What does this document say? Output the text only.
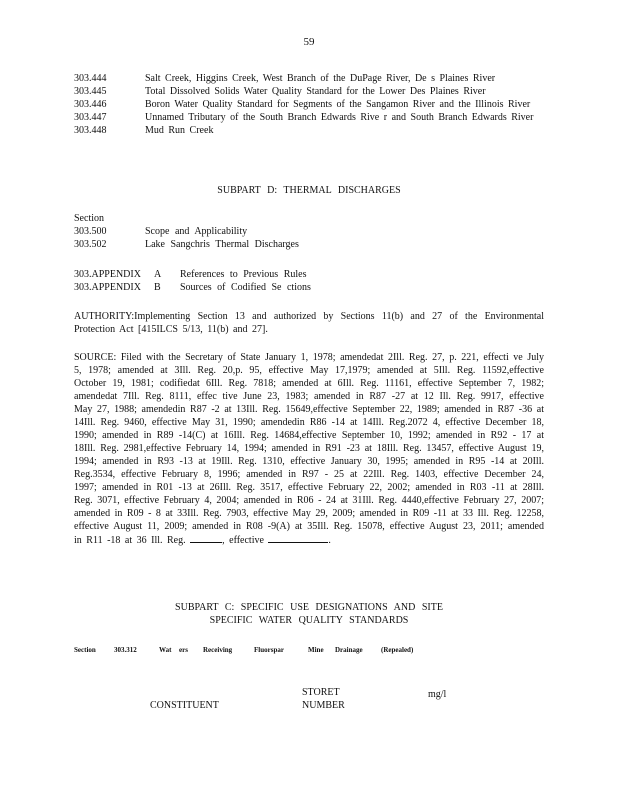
59
303.444	Salt Creek, Higgins Creek, West Branch of the DuPage River, De s Plaines River
303.445	Total Dissolved Solids Water Quality Standard for the Lower Des Plaines River
303.446	Boron Water Quality Standard for Segments of the Sangamon River and the Illinois River
303.447	Unnamed Tributary of the South Branch Edwards Rive r and South Branch Edwards River
303.448	Mud Run Creek
SUBPART D: THERMAL DISCHARGES
Section
303.500	Scope and Applicability
303.502	Lake Sangchris Thermal Discharges
303.APPENDIX	A	References to Previous Rules
303.APPENDIX	B	Sources of Codified Se ctions
AUTHORITY:Implementing Section 13 and authorized by Sections 11(b) and 27 of the Environmental Protection Act [415ILCS 5/13, 11(b) and 27].
SOURCE: Filed with the Secretary of State January 1, 1978; amendedat 2Ill. Reg. 27, p. 221, effecti ve July 5, 1978; amended at 3Ill. Reg. 20,p. 95, effective May 17,1979; amended at 5Ill. Reg. 11592,effective October 19, 1981; codifiedat 6Ill. Reg. 7818; amended at 6Ill. Reg. 11161, effective September 7, 1982; amendedat 7Ill. Reg. 8111, effec tive June 23, 1983; amended in R87 -27 at 12 Ill. Reg. 9917, effective May 27, 1988; amendedin R87 -2 at 13Ill. Reg. 15649,effective September 22, 1989; amended in R87 -36 at 14Ill. Reg. 9460, effective May 31, 1990; amendedin R86 -14 at 14Ill. Reg.2072 4, effective December 18, 1990; amended in R89 -14(C) at 16Ill. Reg. 14684,effective September 10, 1992; amended in R92 - 17 at 18Ill. Reg. 2981,effective February 14, 1994; amended in R91 -23 at 18Ill. Reg. 13457, effective August 19, 1994; amended in R93 -13 at 19Ill. Reg. 1310, effective January 30, 1995; amended in R95 -14 at 20Ill. Reg.3534, effective February 8, 1996; amended in R97 - 25 at 22Ill. Reg. 1403, effective December 24, 1997; amended in R01 -13 at 26Ill. Reg. 3517, effective February 22, 2002; amended in R03 -11 at 28Ill. Reg. 3071, effective February 4, 2004; amended in R06 - 24 at 31Ill. Reg. 4440,effective February 27, 2007; amended in R09 - 8 at 33Ill. Reg. 7903, effective May 29, 2009; amended in R09 -11 at 33 Ill. Reg. 12258, effective August 11, 2009; amended in R08 -9(A) at 35Ill. Reg. 15078, effective August 23, 2011; amended in R11 -18 at 36 Ill. Reg.	, effective	.
SUBPART C: SPECIFIC USE DESIGNATIONS AND SITE
SPECIFIC WATER QUALITY STANDARDS
Section	303.312	Wat	ers	Receiving	Fluorspar	Mine	Drainage	(Repealed)
STORET
NUMBER
mg/l
CONSTITUENT
